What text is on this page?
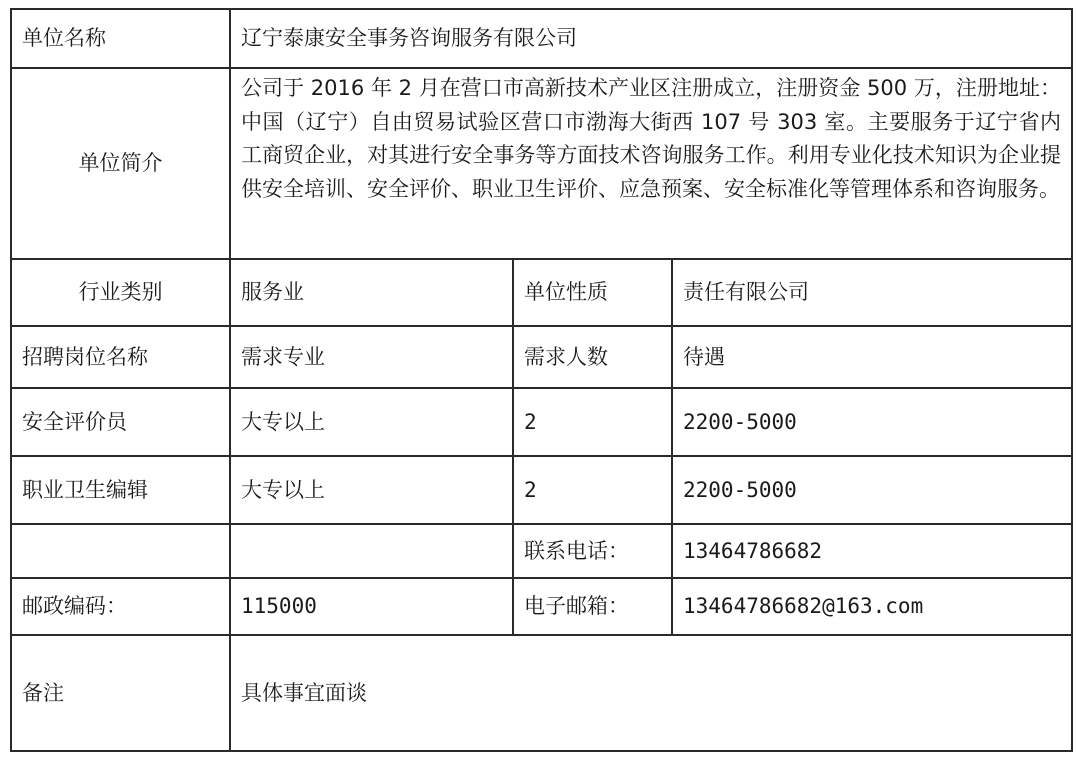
单位名称	辽宁泰康安全事务咨询服务有限公司		
单位简介	公司于 2016 年 2 月在营口市高新技术产业区注册成立，注册资金 500 万，注册地址：中国（辽宁）自由贸易试验区营口市渤海大街西 107 号 303 室。主要服务于辽宁省内工商贸企业，对其进行安全事务等方面技术咨询服务工作。利用专业化技术知识为企业提供安全培训、安全评价、职业卫生评价、应急预案、安全标准化等管理体系和咨询服务。		
行业类别	服务业	单位性质	责任有限公司
招聘岗位名称	需求专业	需求人数	待遇
安全评价员	大专以上	2	2200-5000
职业卫生编辑	大专以上	2	2200-5000
		联系电话：	13464786682
邮政编码：	115000	电子邮箱：	13464786682@163.com
备注	具体事宜面谈		
